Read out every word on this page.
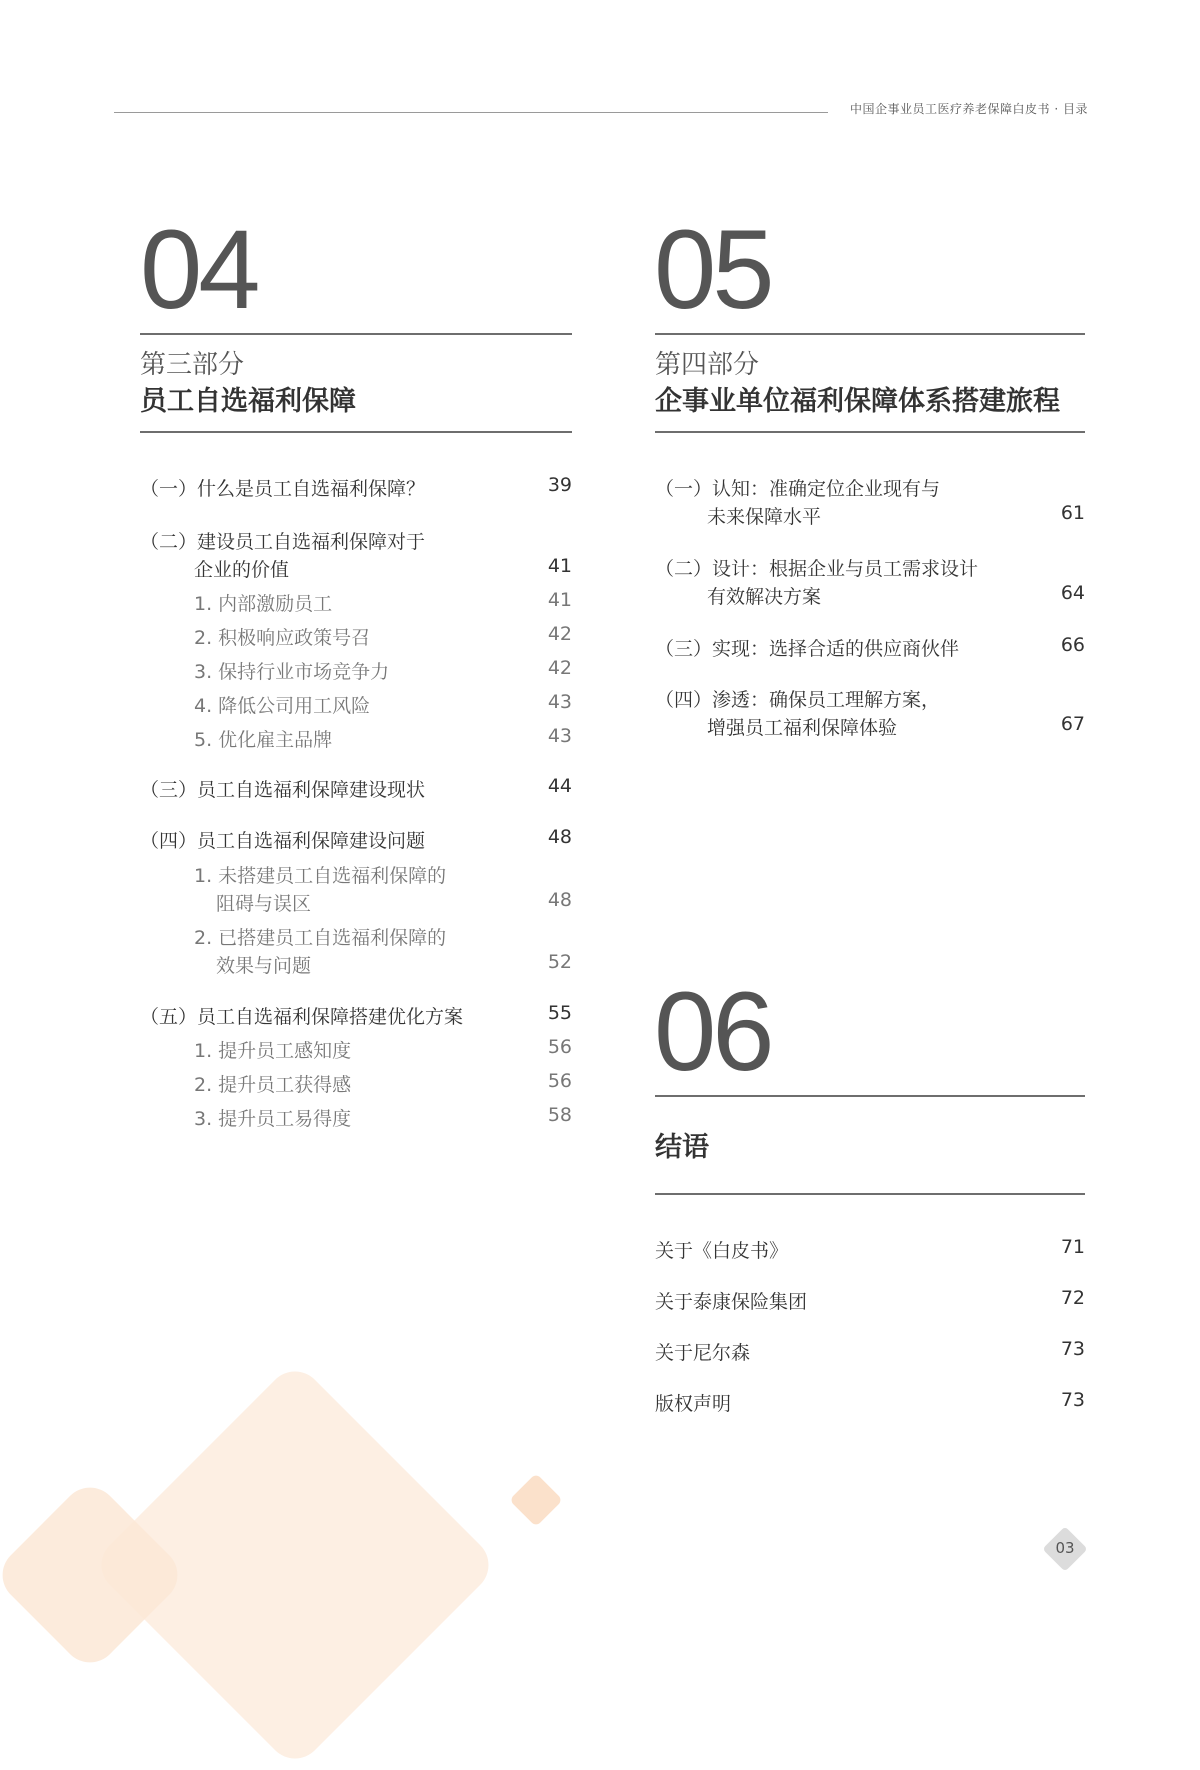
中国企事业员工医疗养老保障白皮书 · 目录
04
第三部分
员工自选福利保障
（一）什么是员工自选福利保障？	39
（二）建设员工自选福利保障对于
企业的价值	41
1. 内部激励员工	41
2. 积极响应政策号召	42
3. 保持行业市场竞争力	42
4. 降低公司用工风险	43
5. 优化雇主品牌	43
（三）员工自选福利保障建设现状	44
（四）员工自选福利保障建设问题	48
1. 未搭建员工自选福利保障的
阻碍与误区	48
2. 已搭建员工自选福利保障的
效果与问题	52
（五）员工自选福利保障搭建优化方案	55
1. 提升员工感知度	56
2. 提升员工获得感	56
3. 提升员工易得度	58
05
第四部分
企事业单位福利保障体系搭建旅程
（一）认知：准确定位企业现有与
未来保障水平	61
（二）设计：根据企业与员工需求设计
有效解决方案	64
（三）实现：选择合适的供应商伙伴	66
（四）渗透：确保员工理解方案，
增强员工福利保障体验	67
06
结语
关于《白皮书》	71
关于泰康保险集团	72
关于尼尔森	73
版权声明	73
03
